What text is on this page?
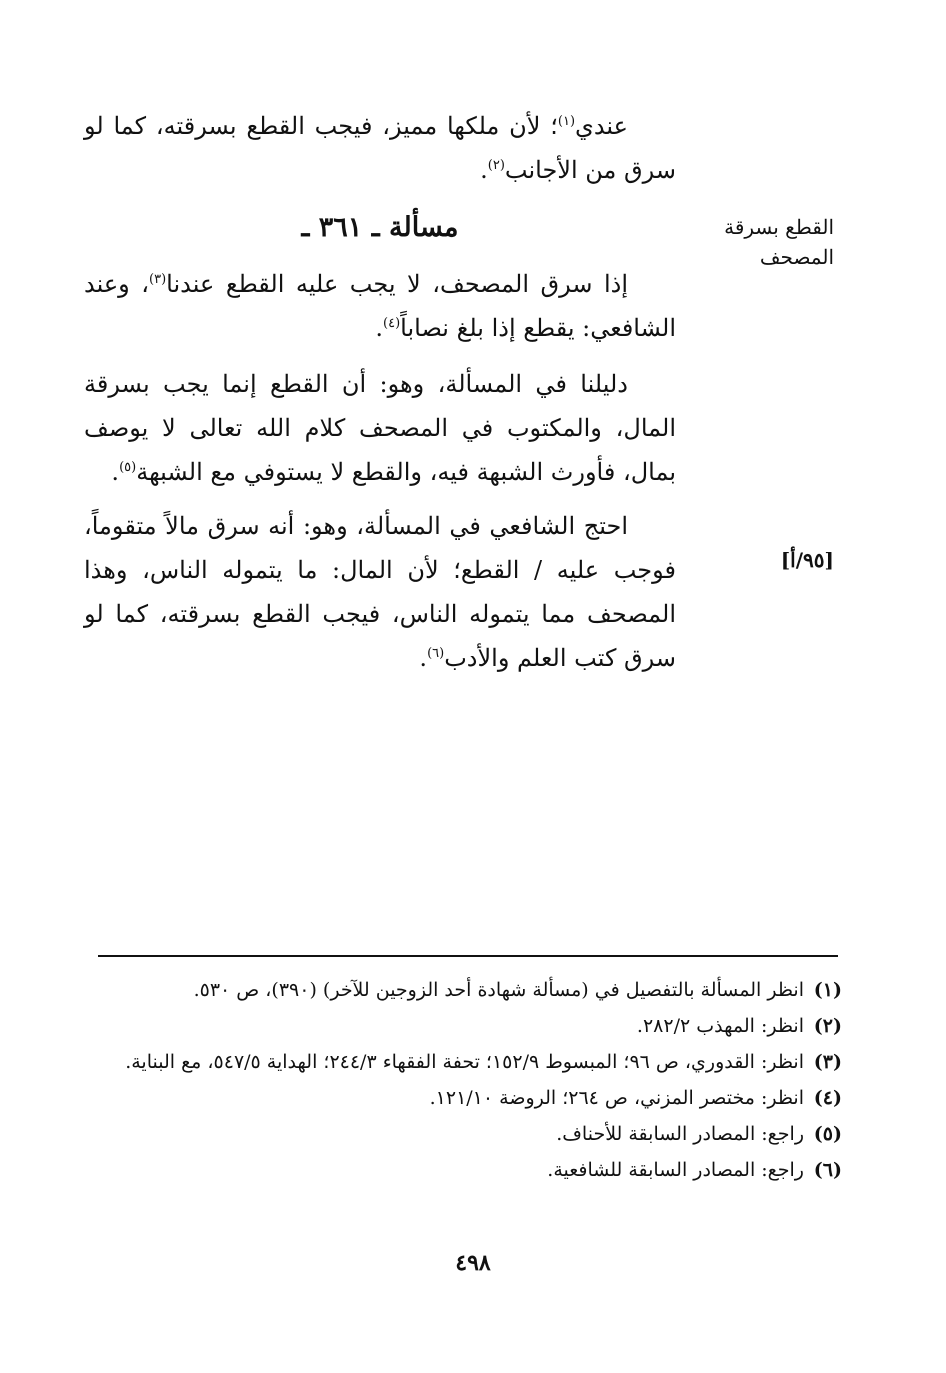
عندي$^{(١)}$؛ لأن ملكها مميز، فيجب القطع بسرقته، كما لو سرق من الأجانب$^{(٢)}$.
مسألة ـ ٣٦١ ـ	القطع بسرقة المصحف
إذا سرق المصحف، لا يجب عليه القطع عندنا$^{(٣)}$، وعند الشافعي: يقطع إذا بلغ نصاباً$^{(٤)}$.
دليلنا في المسألة، وهو: أن القطع إنما يجب بسرقة المال، والمكتوب في المصحف كلام الله تعالى لا يوصف بمال، فأورث الشبهة فيه، والقطع لا يستوفي مع الشبهة$^{(٥)}$.
احتج الشافعي في المسألة، وهو: أنه سرق مالاً متقوماً، فوجب عليه / القطع؛ لأن المال: ما يتموله الناس، وهذا المصحف مما يتموله الناس، فيجب القطع بسرقته، كما لو سرق كتب العلم والأدب$^{(٦)}$.
[٩٥/أ]
(١)
انظر المسألة بالتفصيل في (مسألة شهادة أحد الزوجين للآخر) (٣٩٠)، ص ٥٣٠.
(٢)
انظر: المهذب ٢٨٢/٢.
(٣)
انظر: القدوري، ص ٩٦؛ المبسوط ١٥٢/٩؛ تحفة الفقهاء ٢٤٤/٣؛ الهداية ٥٤٧/٥، مع البناية.
(٤)
انظر: مختصر المزني، ص ٢٦٤؛ الروضة ١٢١/١٠.
(٥)
راجع: المصادر السابقة للأحناف.
(٦)
راجع: المصادر السابقة للشافعية.
٤٩٨
